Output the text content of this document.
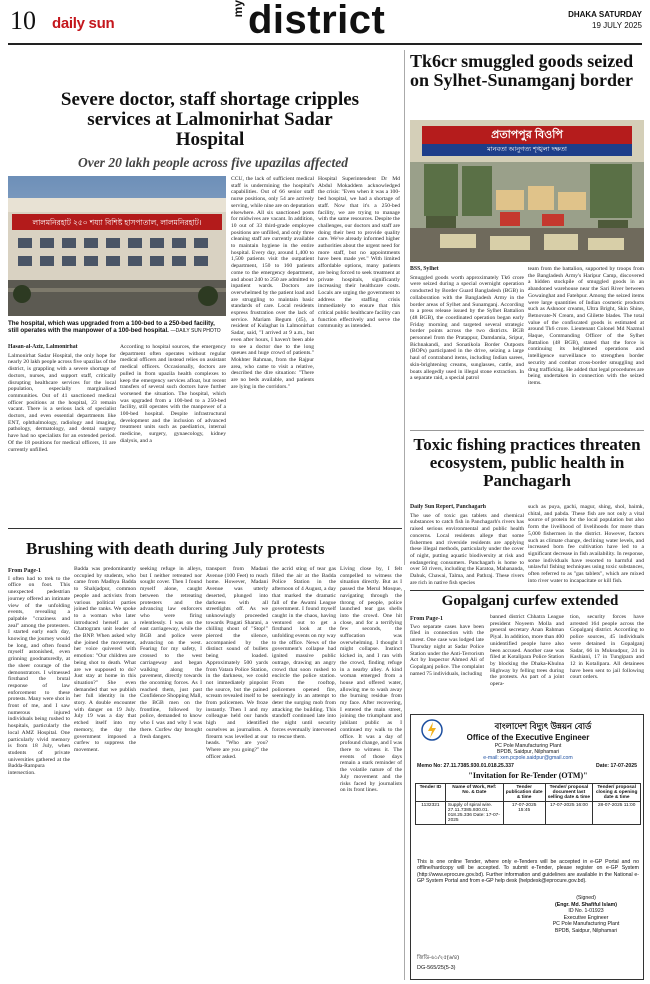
10 daily sun
my district	DHAKA SATURDAY
19 JULY 2025
Severe doctor, staff shortage cripples services at Lalmonirhat Sadar Hospital
Over 20 lakh people across five upazilas affected
লালমনিরহাট ২৫০ শয্যা বিশিষ্ট হাসপাতাল, লালমনিরহাট।
The hospital, which was upgraded from a 100-bed to a 250-bed facility, still operates with the manpower of a 100-bed hospital. —DAILY SUN PHOTO
Hasan-al-Aziz, Lalmonirhat

Lalmonirhat Sadar Hospital, the only hope for nearly 20 lakh people across five upazilas of the district, is grappling with a severe shortage of doctors, nurses, and support staff, critically disrupting healthcare services for the local population, especially marginalised communities. Out of 41 sanctioned medical officer positions at the hospital, 23 remain vacant. There is a serious lack of specialist doctors, and even essential departments like ENT, ophthalmology, radiology and imaging, pathology, dermatology, and dental surgery have had no specialists for an extended period. Of the 18 positions for medical officers, 11 are currently unfilled.

According to hospital sources, the emergency department often operates without regular medical officers and instead relies on assistant medical officers. Occasionally, doctors are pulled in from upazila health complexes to keep the emergency services afloat, but recent transfers of several such doctors have further worsened the situation. The hospital, which was upgraded from a 100-bed to a 250-bed facility, still operates with the manpower of a 100-bed hospital. Despite infrastructural development and the inclusion of advanced treatment units such as paediatrics, internal medicine, surgery, gynaecology, kidney dialysis, and a

CCU, the lack of sufficient medical staff is undermining the hospital's capabilities. Out of 66 senior staff nurse positions, only 54 are actively serving, while nine are on deputation elsewhere. All six sanctioned posts for midwives are vacant. In addition, 10 out of 33 third-grade employee positions are unfilled, and only three cleaning staff are currently available to maintain hygiene in the entire hospital. Every day, around 1,400 to 1,500 patients visit the outpatient department, 150 to 160 patients come to the emergency department, and about 240 to 250 are admitted to inpatient wards. Doctors are overwhelmed by the patient load and are struggling to maintain basic standards of care. Local residents express frustration over the lack of service. Mariam Begum (45), a resident of Kulaghat in Lalmonirhat Sadar, said, "I arrived at 9 a.m., but even after hours, I haven't been able to see a doctor due to the long queues and huge crowd of patients." Mokhter Rahman, from the Rajpur area, who came to visit a relative, described the dire situation: "There are no beds available, and patients are lying in the corridors."

Hospital Superintendent Dr Md Abdul Mokaddem acknowledged the crisis: "Even when it was a 100-bed hospital, we had a shortage of staff. Now that it's a 250-bed facility, we are trying to manage with the same resources. Despite the challenges, our doctors and staff are doing their best to provide quality care. We've already informed higher authorities about the urgent need for more staff, but no appointments have been made yet." With limited affordable options, many patients are being forced to seek treatment at private hospitals, significantly increasing their healthcare costs. Locals are urging the government to address the staffing crisis immediately to ensure that this critical public healthcare facility can function effectively and serve the community as intended.

Tk6cr smuggled goods seized on Sylhet-Sunamganj border
প্রতাপপুর বিওপি
মানবতা আনুগত্য শৃঙ্খলা দক্ষতা
BSS, Sylhet

Smuggled goods worth approximately Tk6 crore were seized during a special overnight operation conducted by Border Guard Bangladesh (BGB) in collaboration with the Bangladesh Army in the border areas of Sylhet and Sunamganj. According to a press release issued by the Sylhet Battalion (48 BGB), the coordinated operation began early Friday morning and targeted several strategic border points across the two districts. BGB personnel from the Pratappur, Damdamia, Sripur, Bichnakandi, and Sonatikola Border Outposts (BOPs) participated in the drive, seizing a large haul of contraband items, including Indian sarees, skin-brightening creams, sunglasses, cattle, and boats allegedly used in illegal stone extraction. In a separate raid, a special patrol

team from the battalion, supported by troops from the Bangladesh Army's Haripur Camp, discovered a hidden stockpile of smuggled goods in an abandoned warehouse near the Sari River between Gowainghat and Fatehpur. Among the seized items were large quantities of Indian cosmetic products such as Ashnoor creams, Ultra Bright, Skin Shine, Betnovate-N Cream, and Glilette blades. The total value of the confiscated goods is estimated at around Tk6 crore. Lieutenant Colonel Md Nazmul Haque, Commanding Officer of the Sylhet Battalion (48 BGB), stated that the force is continuing its heightened operations and intelligence surveillance to strengthen border security and combat cross-border smuggling and drug trafficking. He added that legal procedures are being undertaken in connection with the seized items.

Toxic fishing practices threaten ecosystem, public health in Panchagarh
Daily Sun Report, Panchagarh

The use of toxic gas tablets and chemical substances to catch fish in Panchagarh's rivers has raised serious environmental and public health concerns. Local residents allege that some fishermen and riverside residents are applying these illegal methods, particularly under the cover of night, putting aquatic biodiversity at risk and endangering consumers. Panchagarh is home to over 50 rivers, including the Karatoa, Mahananda, Dahuk, Chawai, Talma, and Pathraj. These rivers are rich in native fish species

such as puya, gachi, magur, shing, shol, baimk, chital, and pabda. These fish are not only a vital source of protein for the local population but also form the livelihood of livelihoods for more than 5,000 fishermen in the district. However, factors such as climate change, declining water levels, and increased born fee cultivation have led to a significant decrease in fish availability. In response, some individuals have resorted to harmful and unlawful fishing techniques using toxic substances, often referred to as "gas tablets", which are mixed into river water to incapacitate or kill fish.

Brushing with death during July protests
From Page-1

I often had to trek to the office on foot. This unexpected pedestrian journey offered an intimate view of the unfolding events, revealing a palpable "craziness and zeal" among the protesters. I started early each day, knowing the journey would be long, and often found myself astonished, even grinning goodnaturedly, at the sheer courage of the demonstrators. I witnessed firsthand the brutal response of law enforcement to these protests. Many were shot in front of me, and I saw numerous injured individuals being rushed to hospitals, particularly the local AMZ Hospital. One particularly vivid memory is from 18 July, when students of private universities gathered at the Badda-Rampura intersection.

Badda was predominantly occupied by students, who came from Madhya Badda to Shahjadpur, common people and activists from various political parties joined the ranks. We spoke to a woman who later introduced herself as a Chattogram unit leader of the BNP. When asked why she joined the movement, her voice quivered with emotion: "Our children are being shot to death. What are we supposed to do? Just stay at home in this situation?" She even demanded that we publish her full identity in the story. A double encounter with danger on 19 July. July 19 was a day that etched itself into my memory, the day the government imposed a curfew to suppress the movement.

seeking refuge in alleys, but I neither retreated nor sought cover. Then I found myself alone, caught between the retreating protesters and the advancing law enforcers who were firing relentlessly. I was on the east carriageway, while the BGB and police were advancing on the west. Fearing for my safety, I crossed to the west carriageway and began walking along the pavement, directly towards the oncoming forces. As I reached them, just past Confidence Shopping Mall, the BGB men on the frontline, followed by police, demanded to know who I was and why I was there. Curfew day brought fresh dangers.

transport from Madani Avenue (100 Feet) to reach home. However, Madani Avenue was utterly deserted, plunged into darkness with all streetlights off. As we unknowingly proceeded towards Pragati Sharani, a chilling shout of "Stop!" pierced the silence, accompanied by the distinct sound of bullets being loaded. Approximately 500 yards from Vatara Police Station, in the darkness, we could not immediately pinpoint the source, but the pained scream revealed itself to be from policemen. We froze instantly. Then I and my colleague held our hands high and identified ourselves as journalists. A firearm was levelled at our heads. "Who are you? Where are you going?" the officer asked.

the acrid sting of tear gas filled the air at the Badda Police Station in the afternoon of 4 August, a day that marked the dramatic fall of the Awami League government. I found myself caught in the chaos, having ventured out to get a firsthand look at the unfolding events on my way to the office. News of the government's collapse had ignited massive public outrage, drawing an angry crowd that soon rushed to encircle the police station. From the rooftop, policemen opened fire, seemingly in an attempt to deter the surging mob from attacking the building. This standoff continued late into the night until security forces eventually intervened to rescue them.

Living close by, I felt compelled to witness the situation directly. But as I passed the Merul Mosque, navigating through the throng of people, police launched tear gas shells into the crowd. One hit close, and for a terrifying few seconds, the suffocation was overwhelming. I thought I might collapse. Instinct kicked in, and I ran with the crowd, finding refuge in a nearby alley. A kind woman emerged from a house and offered water, allowing me to wash away the burning residue from my face. After recovering, I entered the main street, joining the triumphant and jubilant public as I continued my walk to the office. It was a day of profound change, and I was there to witness it. The events of those days remain a stark reminder of the volatile nature of the July movement and the risks faced by journalists on its front lines.

Gopalganj curfew extended
From Page-1

Two separate cases have been filed in connection with the unrest. One case was lodged late Thursday night at Sadar Police Station under the Anti-Terrorism Act by Inspector Ahmed Ali of Gopalganj police. The complaint named 75 individuals, including

banned district Chhatra League president Noyeem Molla and general secretary Anan Rahman Piyal. In addition, more than 400 unidentified people have also been accused. Another case was filed at Kotalipara Police Station by blocking the Dhaka-Khulna Highway by felling trees during the protests. As part of a joint opera-

tion, security forces have arrested 164 people across the Gopalganj district. According to police sources, 45 individuals were detained in Gopalganj Sadar, 66 in Muksudpur, 24 in Kashiani, 17 in Tungipara and 12 in Kotalipara. All detainees have been sent to jail following court orders.

বাংলাদেশ বিদ্যুৎ উন্নয়ন বোর্ড
Office of the Executive Engineer
PC Pole Manufacturing Plant
BPDB, Saidpur, Nilphamari
e-mail: xen.pcpole.saidpur@gmail.com
Memo No: 27.11.7385.930.01.018.25.337	Date: 17-07-2025
"Invitation for Re-Tender (OTM)"
Tender ID	Name of Work, Ref: No. & Date	Tender publication date & time	Tender/ proposal document last selling date & time	Tender/ proposal closing & opening date & time
1132321	Supply of spiral wire. 27.11.7385.930.01. 018.25.336 Date: 17-07-2025	17-07-2025 15:45	17-07-2025 16:00	28-07-2025 11:00
This is one online Tender, where only e-Tenders will be accepted in e-GP Portal and no offline/hardcopy will be accepted. To submit e-Tender, please register on e-GP System (http://www.eprocure.gov.bd). Further information and guidelines are available in the National e-GP System Portal and from e-GP help desk (helpdesk@eprocure.gov.bd).
(Signed)
(Engr. Md. Shafiful Islam)
ID No. 1-01923
Executive Engineer
PC Pole Manufacturing Plant
BPDB, Saidpur, Nilphamari
জিডি-৬১/২৫(৬/৪)
DG-565/25(5-3)
